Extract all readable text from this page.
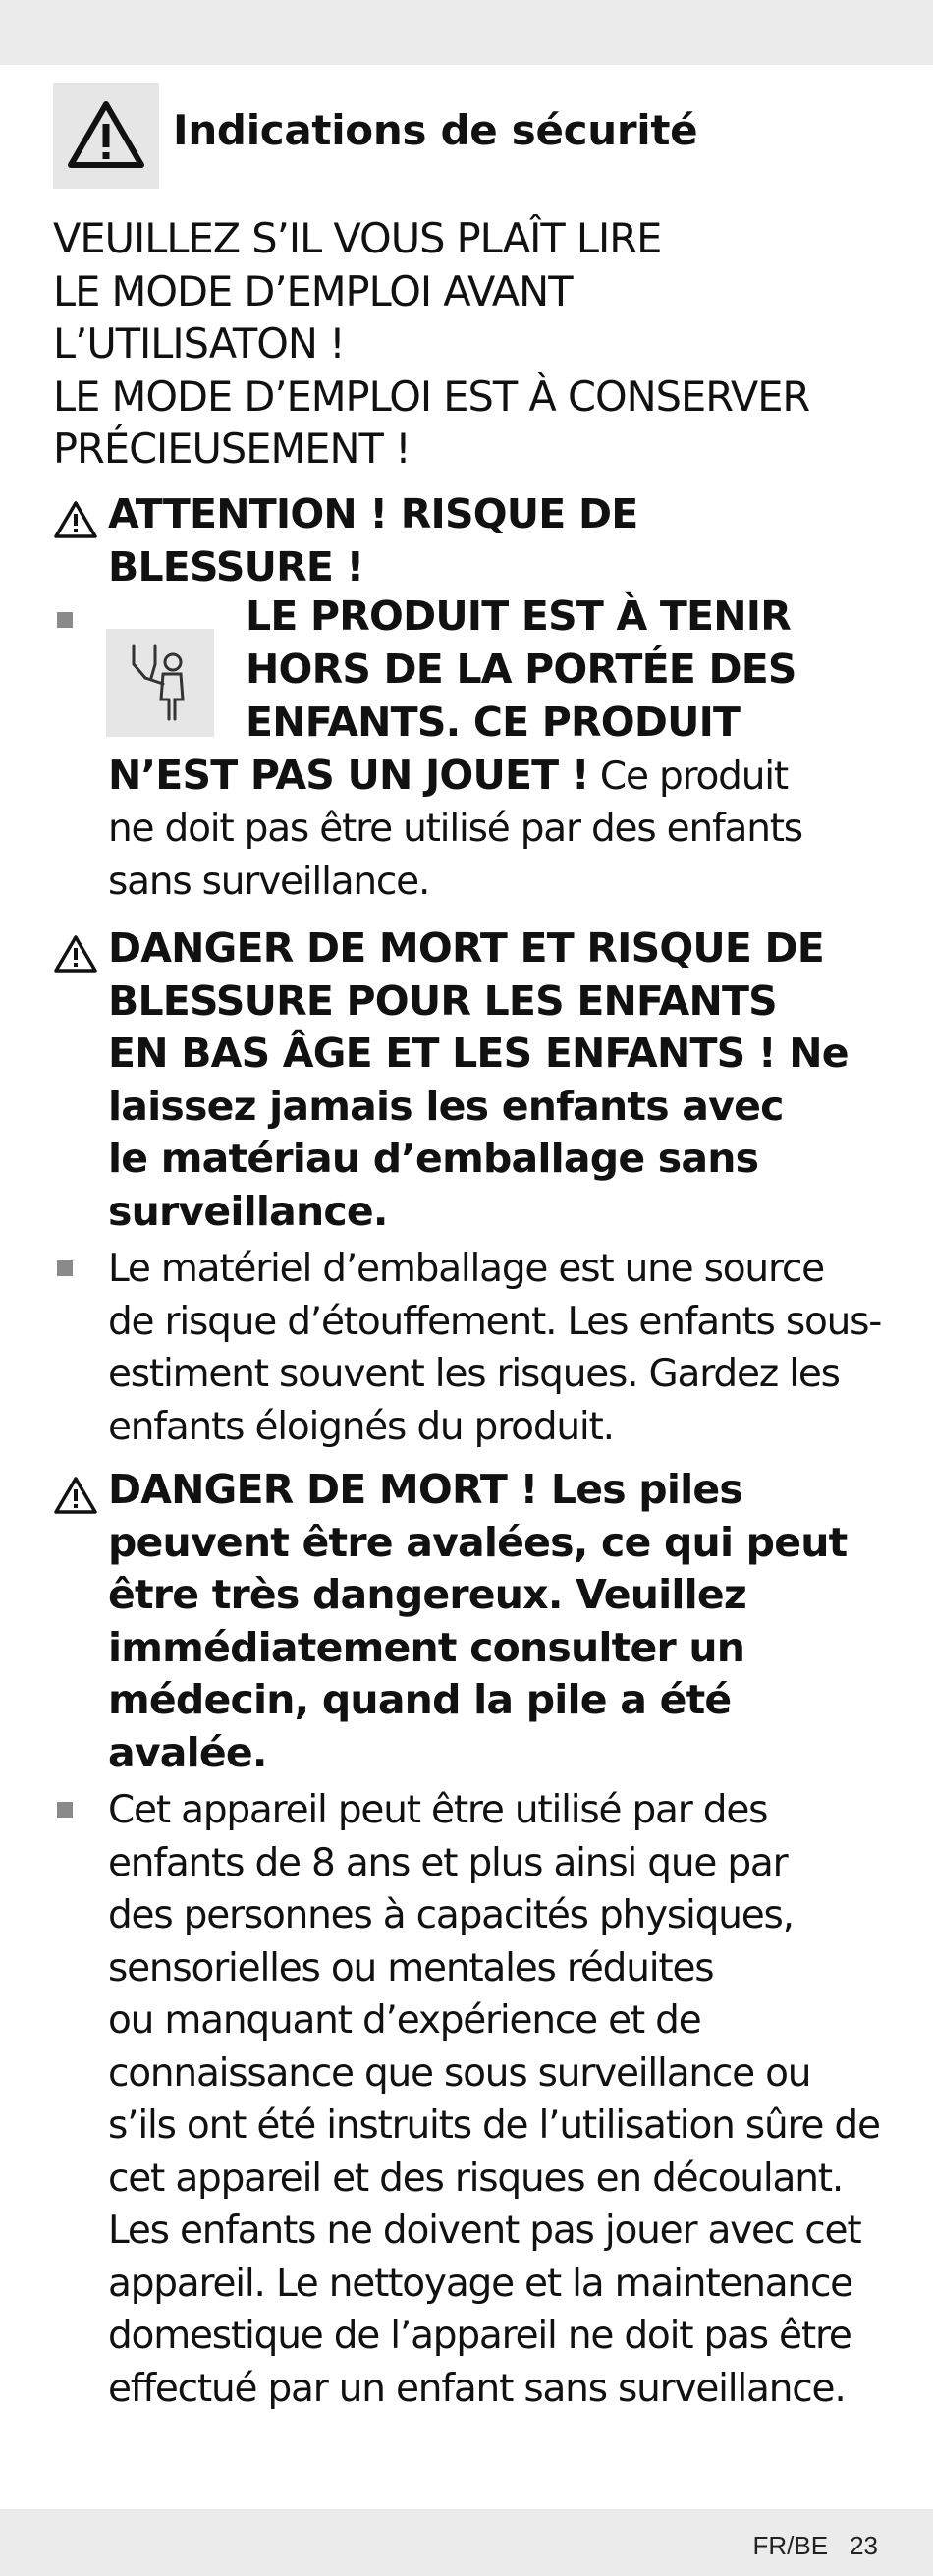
Indications de sécurité
VEUILLEZ S’IL VOUS PLAÎT LIRE
LE MODE D’EMPLOI AVANT
L’UTILISATON !
LE MODE D’EMPLOI EST À CONSERVER
PRÉCIEUSEMENT !
ATTENTION ! RISQUE DE
BLESSURE !
LE PRODUIT EST À TENIR
HORS DE LA PORTÉE DES
ENFANTS. CE PRODUIT
N’EST PAS UN JOUET ! Ce produit
ne doit pas être utilisé par des enfants
sans surveillance.
DANGER DE MORT ET RISQUE DE
BLESSURE POUR LES ENFANTS
EN BAS ÂGE ET LES ENFANTS ! Ne
laissez jamais les enfants avec
le matériau d’emballage sans
surveillance.
Le matériel d’emballage est une source
de risque d’étouffement. Les enfants sous-
estiment souvent les risques. Gardez les
enfants éloignés du produit.
DANGER DE MORT ! Les piles
peuvent être avalées, ce qui peut
être très dangereux. Veuillez
immédiatement consulter un
médecin, quand la pile a été
avalée.
Cet appareil peut être utilisé par des
enfants de 8 ans et plus ainsi que par
des personnes à capacités physiques,
sensorielles ou mentales réduites
ou manquant d’expérience et de
connaissance que sous surveillance ou
s’ils ont été instruits de l’utilisation sûre de
cet appareil et des risques en découlant.
Les enfants ne doivent pas jouer avec cet
appareil. Le nettoyage et la maintenance
domestique de l’appareil ne doit pas être
effectué par un enfant sans surveillance.
FR/BE 23
